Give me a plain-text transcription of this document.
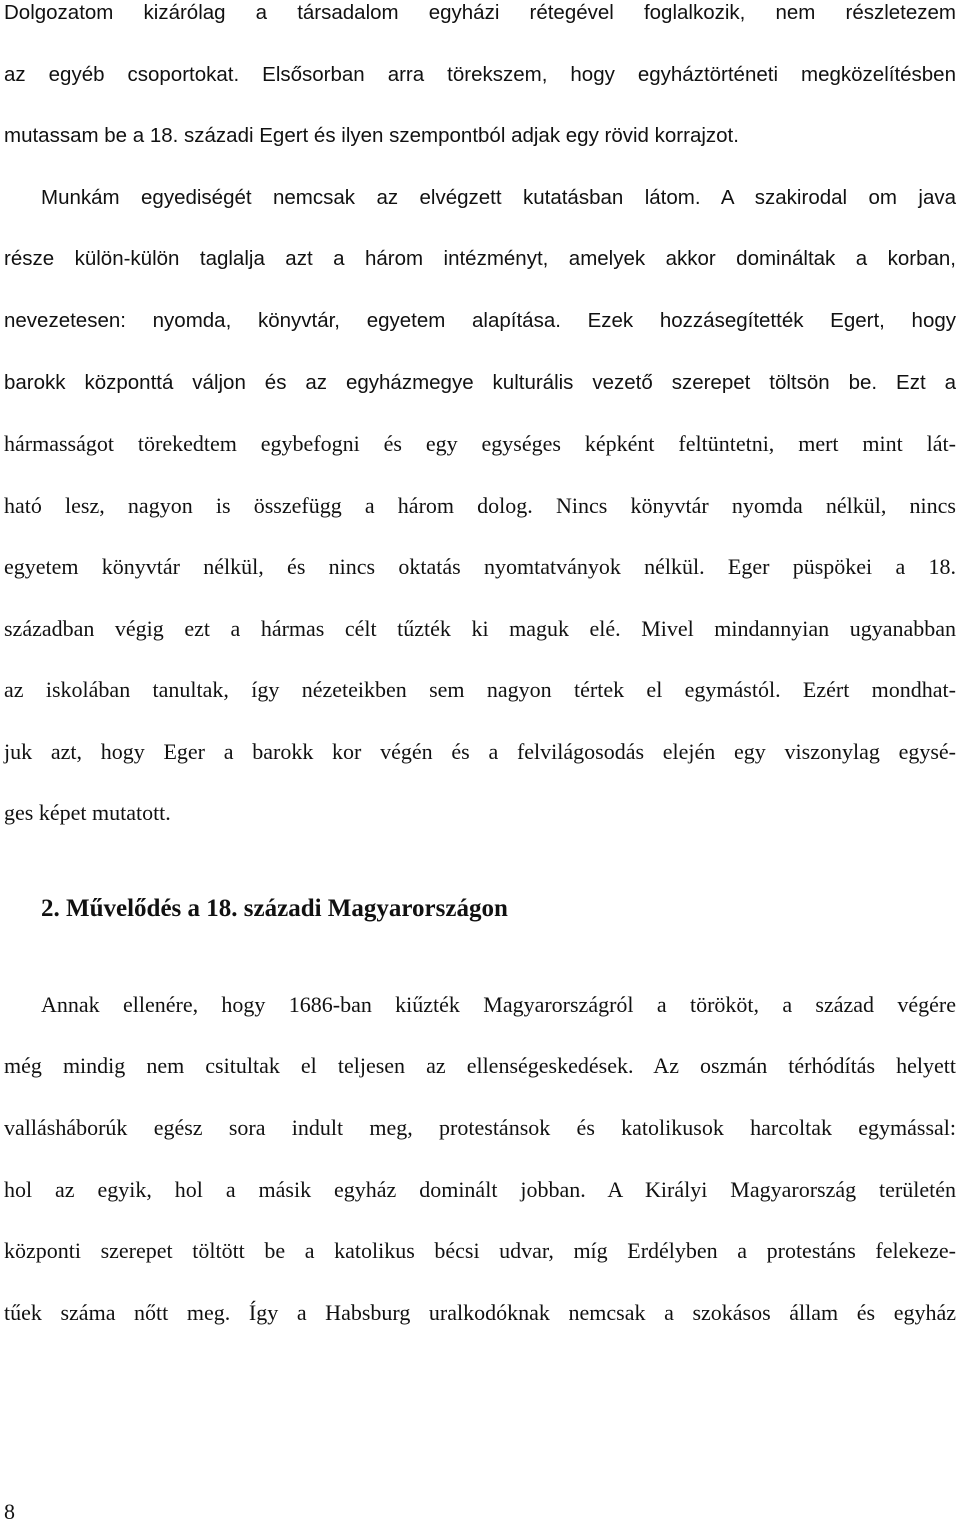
Dolgozatom kizárólag a társadalom egyházi rétegével foglalkozik, nem részletezem
az egyéb csoportokat. Elsősorban arra törekszem, hogy egyháztörténeti megközelítésben
mutassam be a 18. századi Egert és ilyen szempontból adjak egy rövid korrajzot.
Munkám egyediségét nemcsak az elvégzett kutatásban látom. A szakirodal om java
része külön-külön taglalja azt a három intézményt, amelyek akkor domináltak a korban,
nevezetesen: nyomda, könyvtár, egyetem alapítása. Ezek hozzásegítették Egert, hogy
barokk központtá váljon és az egyházmegye kulturális vezető szerepet töltsön be. Ezt a
hármasságot törekedtem egybefogni és egy egységes képként feltüntetni, mert mint lát-
ható lesz, nagyon is összefügg a három dolog. Nincs könyvtár nyomda nélkül, nincs
egyetem könyvtár nélkül, és nincs oktatás nyomtatványok nélkül. Eger püspökei a 18.
században végig ezt a hármas célt tűzték ki maguk elé. Mivel mindannyian ugyanabban
az iskolában tanultak, így nézeteikben sem nagyon tértek el egymástól. Ezért mondhat-
juk azt, hogy Eger a barokk kor végén és a felvilágosodás elején egy viszonylag egysé-
ges képet mutatott.
2. Művelődés a 18. századi Magyarországon
Annak ellenére, hogy 1686-ban kiűzték Magyarországról a törököt, a század végére
még mindig nem csitultak el teljesen az ellenségeskedések. Az oszmán térhódítás helyett
vallásháborúk egész sora indult meg, protestánsok és katolikusok harcoltak egymással:
hol az egyik, hol a másik egyház dominált jobban. A Királyi Magyarország területén
központi szerepet töltött be a katolikus bécsi udvar, míg Erdélyben a protestáns felekeze-
tűek száma nőtt meg. Így a Habsburg uralkodóknak nemcsak a szokásos állam és egyház
8
